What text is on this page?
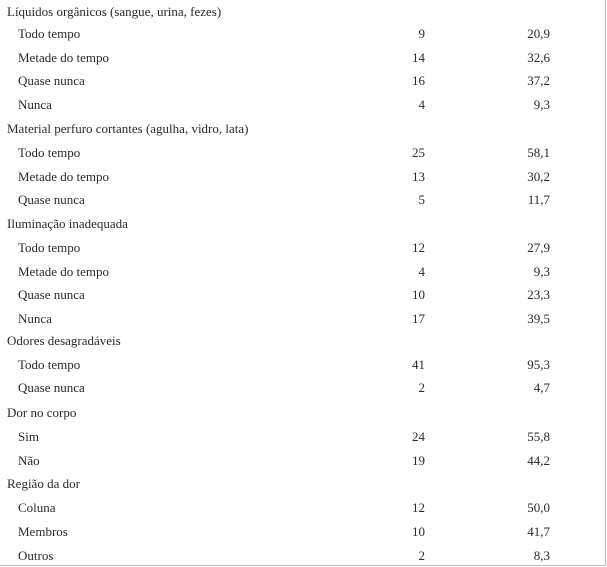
Líquidos orgânicos (sangue, urina, fezes)
Todo tempo	9	20,9
Metade do tempo	14	32,6
Quase nunca	16	37,2
Nunca	4	9,3
Material perfuro cortantes (agulha, vidro, lata)
Todo tempo	25	58,1
Metade do tempo	13	30,2
Quase nunca	5	11,7
Iluminação inadequada
Todo tempo	12	27,9
Metade do tempo	4	9,3
Quase nunca	10	23,3
Nunca	17	39,5
Odores desagradáveis
Todo tempo	41	95,3
Quase nunca	2	4,7
Dor no corpo
Sim	24	55,8
Não	19	44,2
Região da dor
Coluna	12	50,0
Membros	10	41,7
Outros	2	8,3
